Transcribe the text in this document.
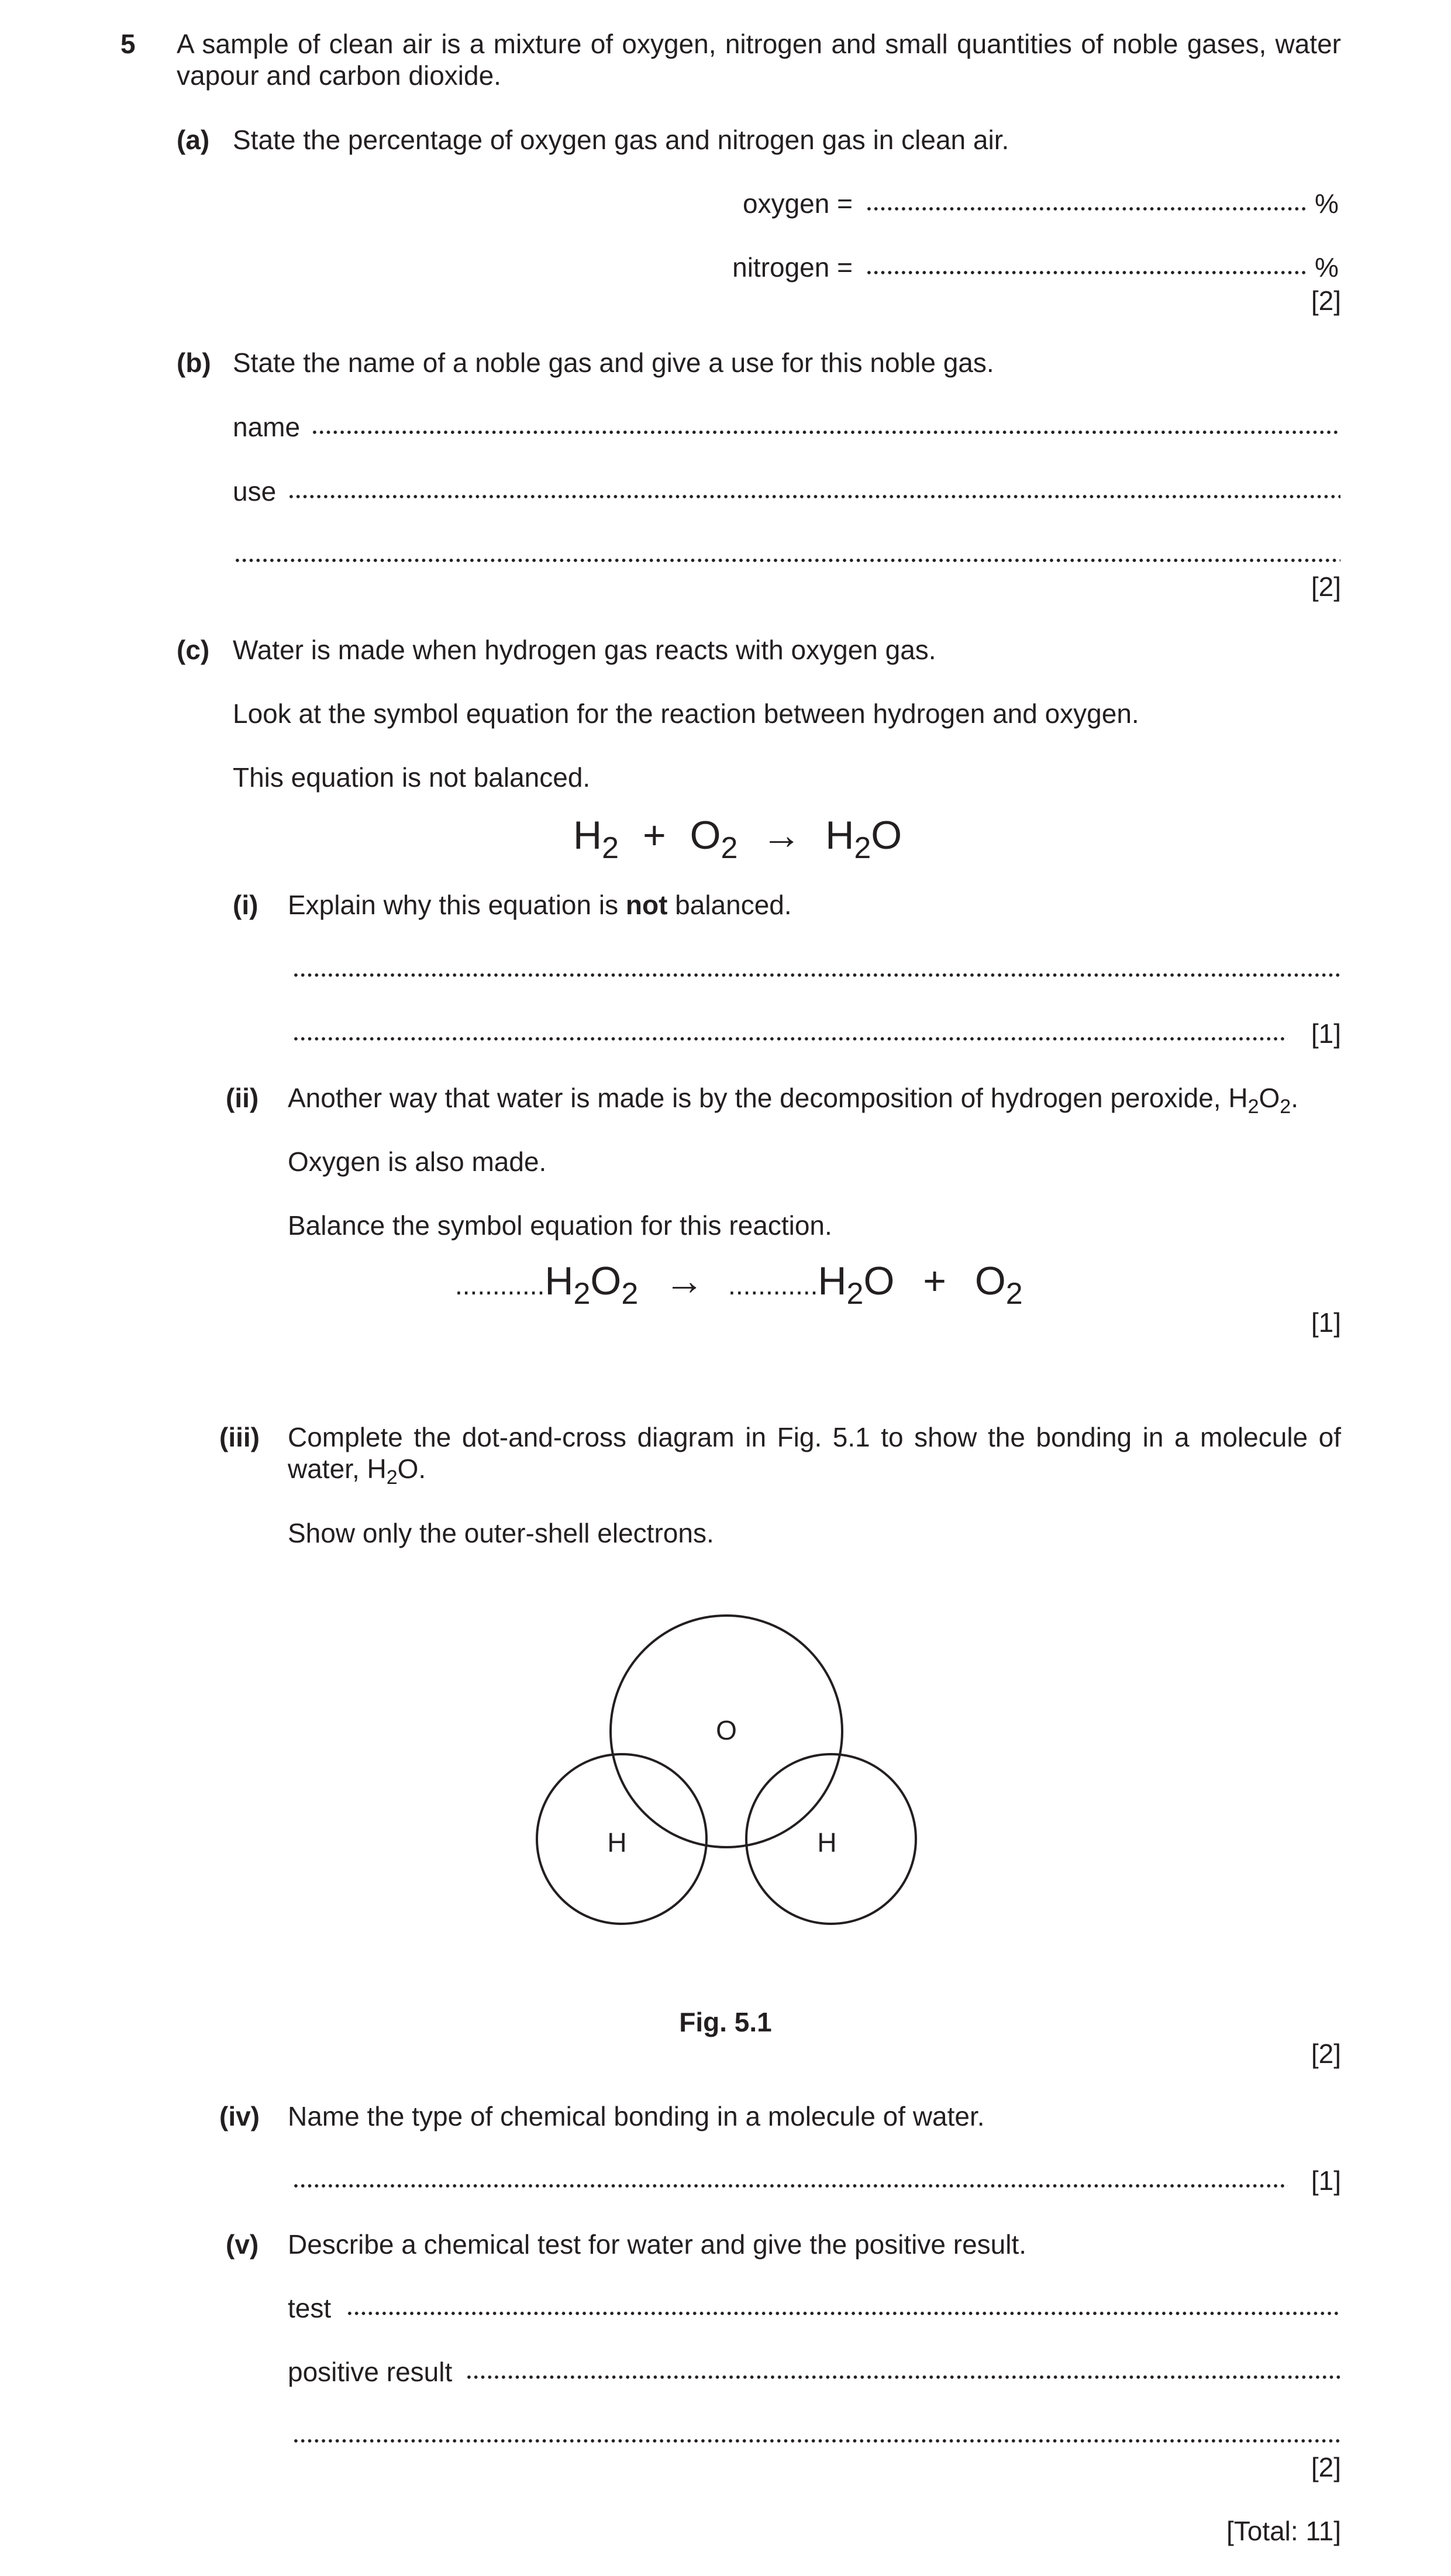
5 A sample of clean air is a mixture of oxygen, nitrogen and small quantities of noble gases, water vapour and carbon dioxide.
(a) State the percentage of oxygen gas and nitrogen gas in clean air.
oxygen =	%
nitrogen =	%
[2]
(b) State the name of a noble gas and give a use for this noble gas.
name
use
[2]
(c) Water is made when hydrogen gas reacts with oxygen gas.
Look at the symbol equation for the reaction between hydrogen and oxygen.
This equation is not balanced.
$H_2 + O_2 \to H_2O$
(i) Explain why this equation is not balanced.
[1]
(ii) Another way that water is made is by the decomposition of hydrogen peroxide, $H_2O_2$.
Oxygen is also made.
Balance the symbol equation for this reaction.
$............H_2O_2 \to ............H_2O + O_2$
[1]
(iii) Complete the dot-and-cross diagram in Fig. 5.1 to show the bonding in a molecule of water, $H_2O$.
Show only the outer-shell electrons.
O
H	H
Fig. 5.1
[2]
(iv) Name the type of chemical bonding in a molecule of water.
[1]
(v) Describe a chemical test for water and give the positive result.
test
positive result
[2]
[Total: 11]
